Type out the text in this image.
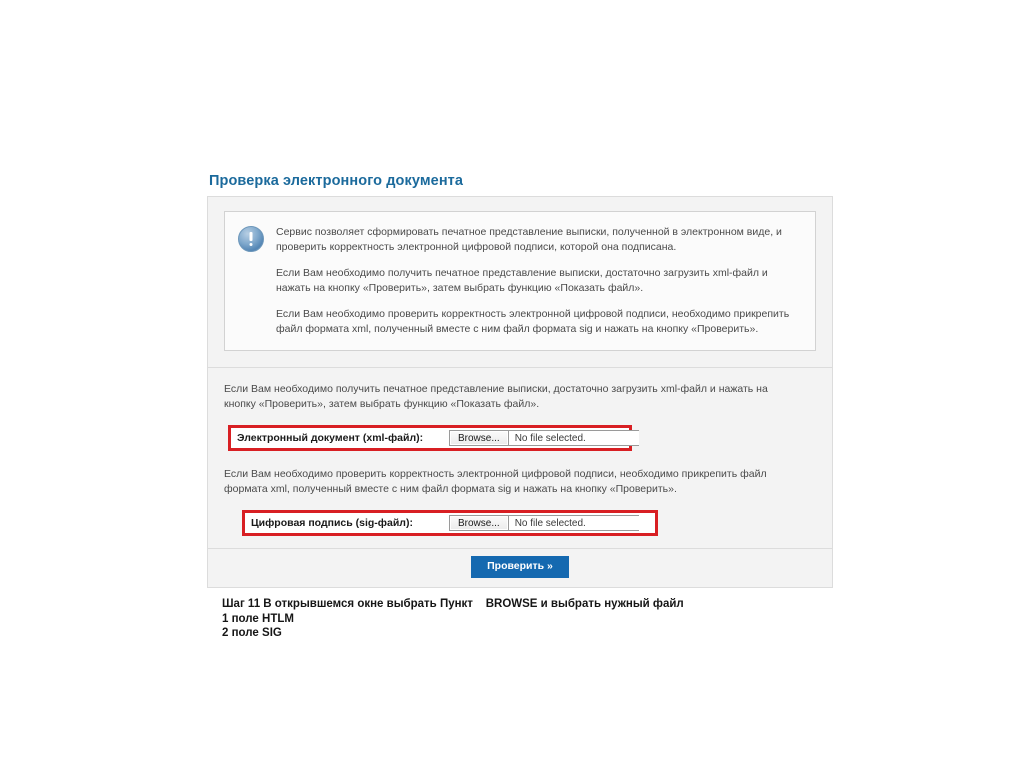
Проверка электронного документа

Сервис позволяет сформировать печатное представление выписки, полученной в электронном виде, и проверить корректность электронной цифровой подписи, которой она подписана.

Если Вам необходимо получить печатное представление выписки, достаточно загрузить xml-файл и нажать на кнопку «Проверить», затем выбрать функцию «Показать файл».

Если Вам необходимо проверить корректность электронной цифровой подписи, необходимо прикрепить файл формата xml, полученный вместе с ним файл формата sig и нажать на кнопку «Проверить».

Если Вам необходимо получить печатное представление выписки, достаточно загрузить xml-файл и нажать на кнопку «Проверить», затем выбрать функцию «Показать файл».

Электронный документ (xml-файл):	Browse...	No file selected.

Если Вам необходимо проверить корректность электронной цифровой подписи, необходимо прикрепить файл формата xml, полученный вместе с ним файл формата sig и нажать на кнопку «Проверить».

Цифровая подпись (sig-файл):	Browse...	No file selected.
Проверить »
Шаг 11 В открывшемся окне выбрать Пункт    BROWSE и выбрать нужный файл
1 поле HTLM
2 поле SIG
